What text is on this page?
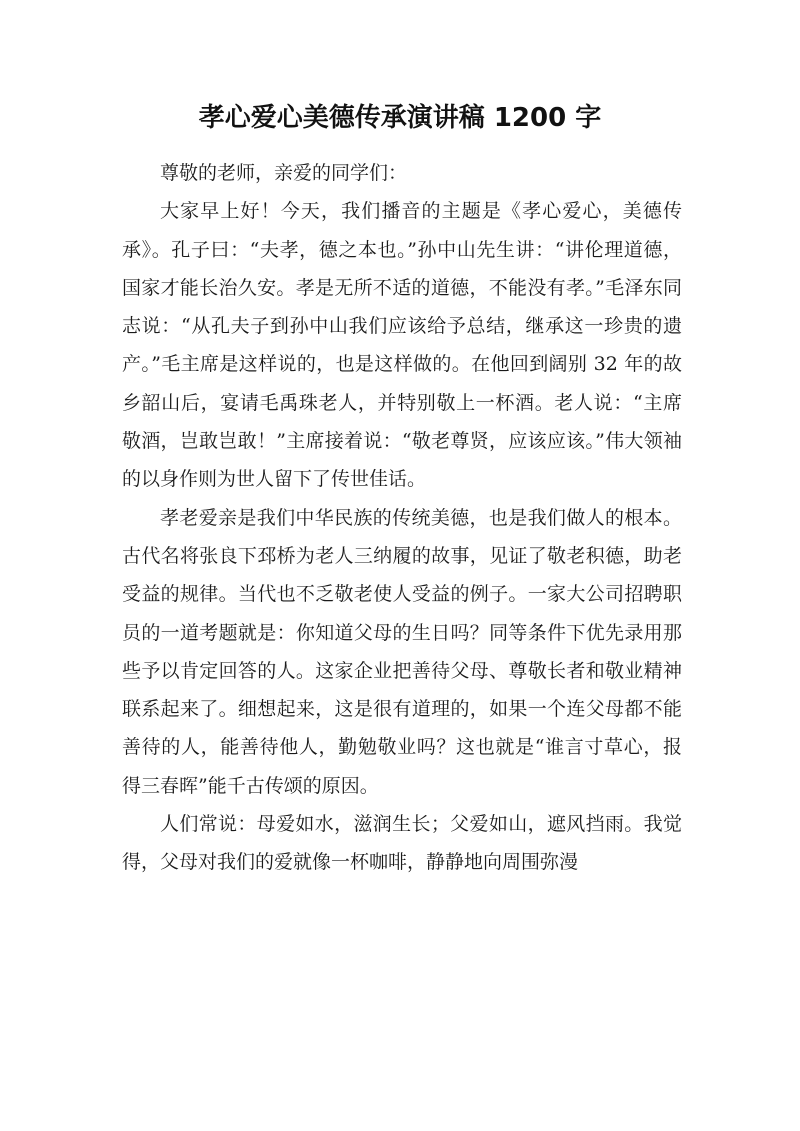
孝心爱心美德传承演讲稿 1200 字

尊敬的老师，亲爱的同学们：

大家早上好！今天，我们播音的主题是《孝心爱心，美德传承》。孔子曰：“夫孝，德之本也。”孙中山先生讲：“讲伦理道德，国家才能长治久安。孝是无所不适的道德，不能没有孝。”毛泽东同志说：“从孔夫子到孙中山我们应该给予总结，继承这一珍贵的遗产。”毛主席是这样说的，也是这样做的。在他回到阔别 32 年的故乡韶山后，宴请毛禹珠老人，并特别敬上一杯酒。老人说：“主席敬酒，岂敢岂敢！”主席接着说：“敬老尊贤，应该应该。”伟大领袖的以身作则为世人留下了传世佳话。

孝老爱亲是我们中华民族的传统美德，也是我们做人的根本。古代名将张良下邳桥为老人三纳履的故事，见证了敬老积德，助老受益的规律。当代也不乏敬老使人受益的例子。一家大公司招聘职员的一道考题就是：你知道父母的生日吗？同等条件下优先录用那些予以肯定回答的人。这家企业把善待父母、尊敬长者和敬业精神联系起来了。细想起来，这是很有道理的，如果一个连父母都不能善待的人，能善待他人，勤勉敬业吗？这也就是“谁言寸草心，报得三春晖”能千古传颂的原因。

人们常说：母爱如水，滋润生长；父爱如山，遮风挡雨。我觉得，父母对我们的爱就像一杯咖啡，静静地向周围弥漫
